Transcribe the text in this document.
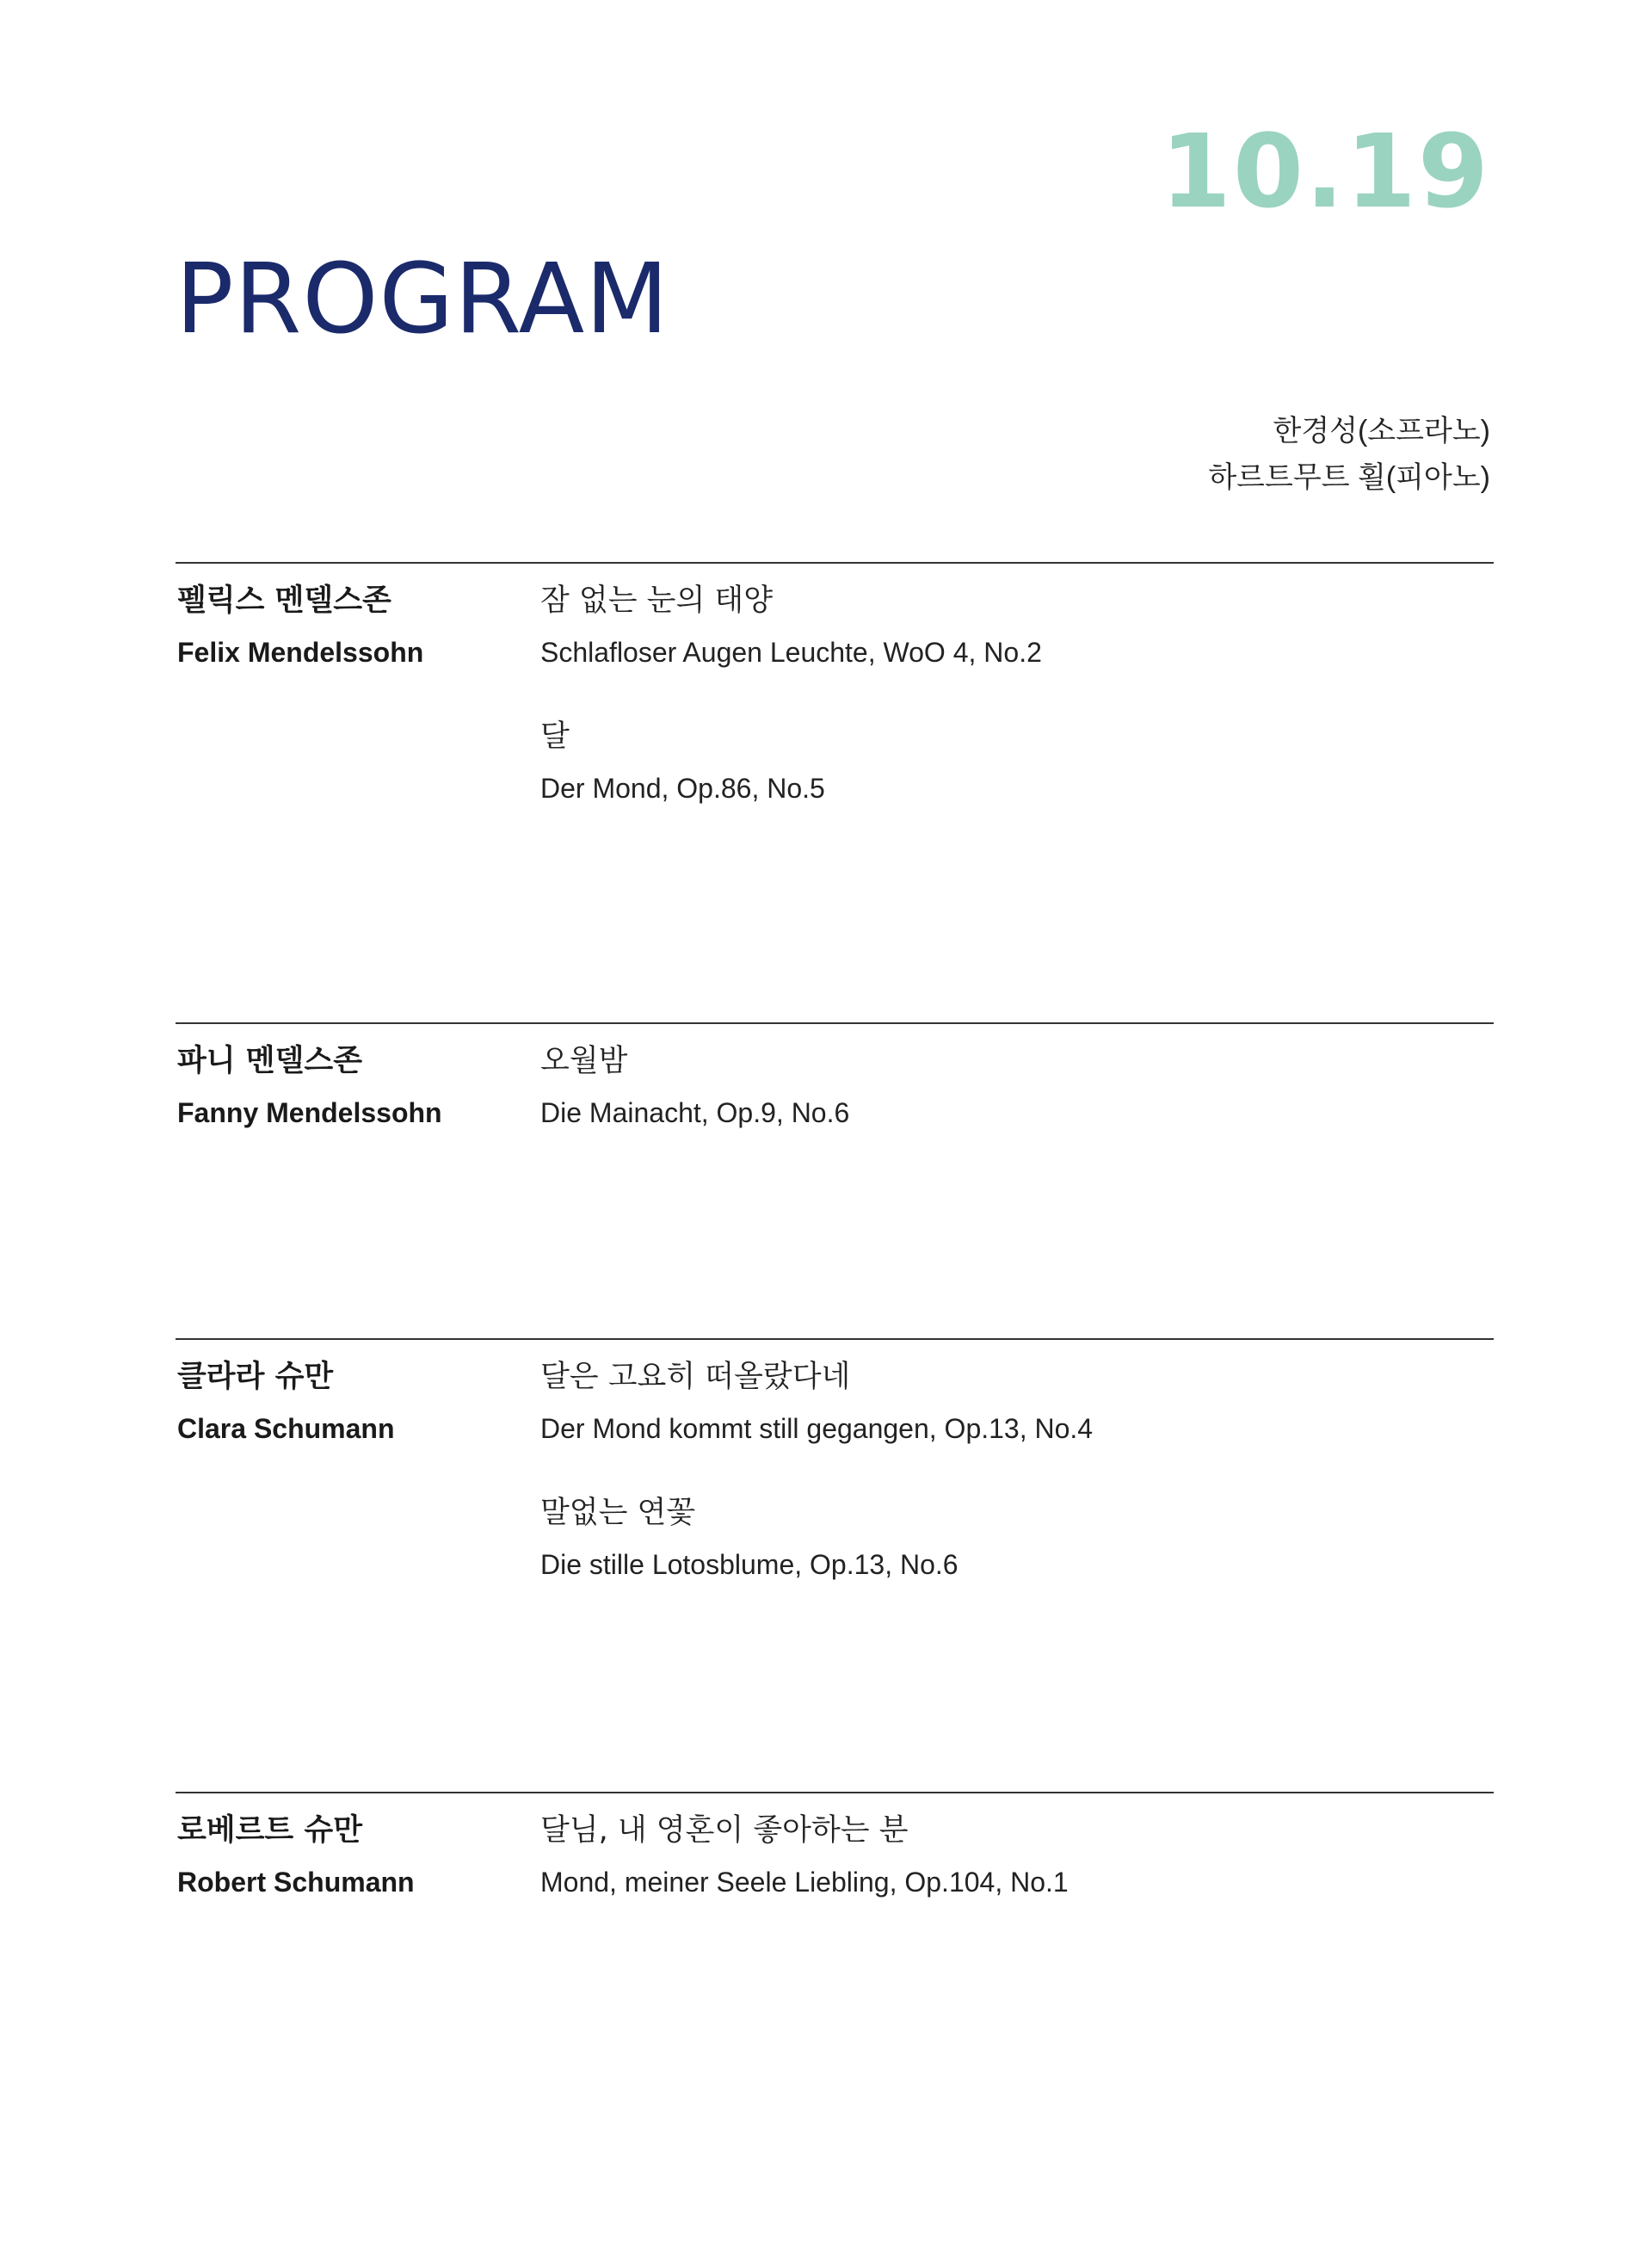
10.19
PROGRAM
한경성(소프라노)
하르트무트 횔(피아노)
펠릭스 멘델스존
Felix Mendelssohn
잠 없는 눈의 태양
Schlafloser Augen Leuchte, WoO 4, No.2
달
Der Mond, Op.86, No.5
파니 멘델스존
Fanny Mendelssohn
오월밤
Die Mainacht, Op.9, No.6
클라라 슈만
Clara Schumann
달은 고요히 떠올랐다네
Der Mond kommt still gegangen, Op.13, No.4
말없는 연꽃
Die stille Lotosblume, Op.13, No.6
로베르트 슈만
Robert Schumann
달님, 내 영혼이 좋아하는 분
Mond, meiner Seele Liebling, Op.104, No.1
